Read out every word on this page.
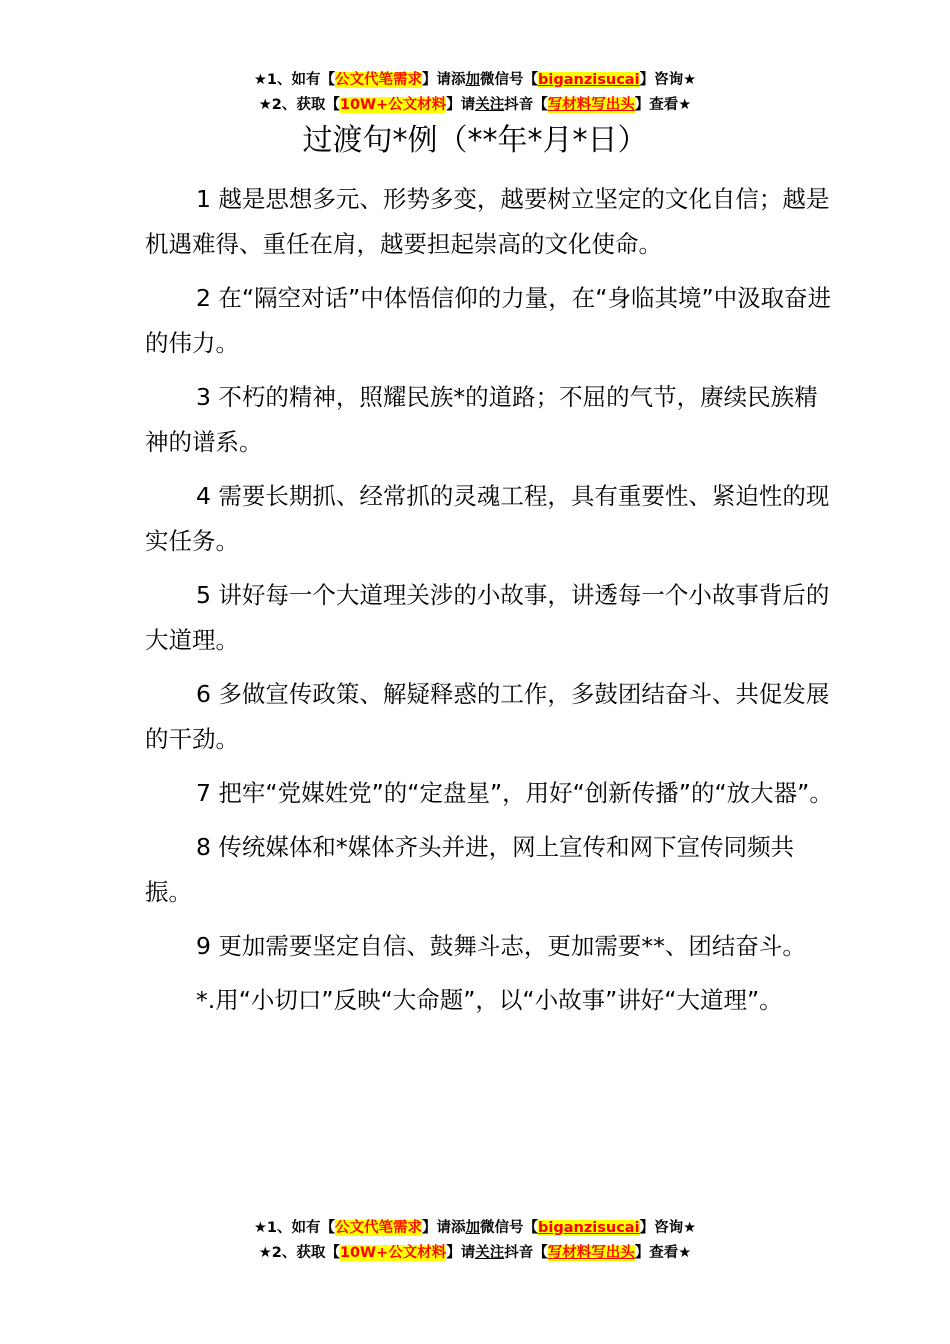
★1、如有【公文代笔需求】请添加微信号【biganzisucai】咨询★
★2、获取【10W+公文材料】请关注抖音【写材料写出头】查看★
过渡句*例（**年*月*日）

1 越是思想多元、形势多变，越要树立坚定的文化自信；越是机遇难得、重任在肩，越要担起崇高的文化使命。

2 在“隔空对话”中体悟信仰的力量，在“身临其境”中汲取奋进的伟力。

3 不朽的精神，照耀民族*的道路；不屈的气节，赓续民族精神的谱系。

4 需要长期抓、经常抓的灵魂工程，具有重要性、紧迫性的现实任务。

5 讲好每一个大道理关涉的小故事，讲透每一个小故事背后的大道理。

6 多做宣传政策、解疑释惑的工作，多鼓团结奋斗、共促发展的干劲。

7 把牢“党媒姓党”的“定盘星”，用好“创新传播”的“放大器”。

8 传统媒体和*媒体齐头并进，网上宣传和网下宣传同频共振。

9 更加需要坚定自信、鼓舞斗志，更加需要**、团结奋斗。

*.用“小切口”反映“大命题”，以“小故事”讲好“大道理”。

★1、如有【公文代笔需求】请添加微信号【biganzisucai】咨询★
★2、获取【10W+公文材料】请关注抖音【写材料写出头】查看★
